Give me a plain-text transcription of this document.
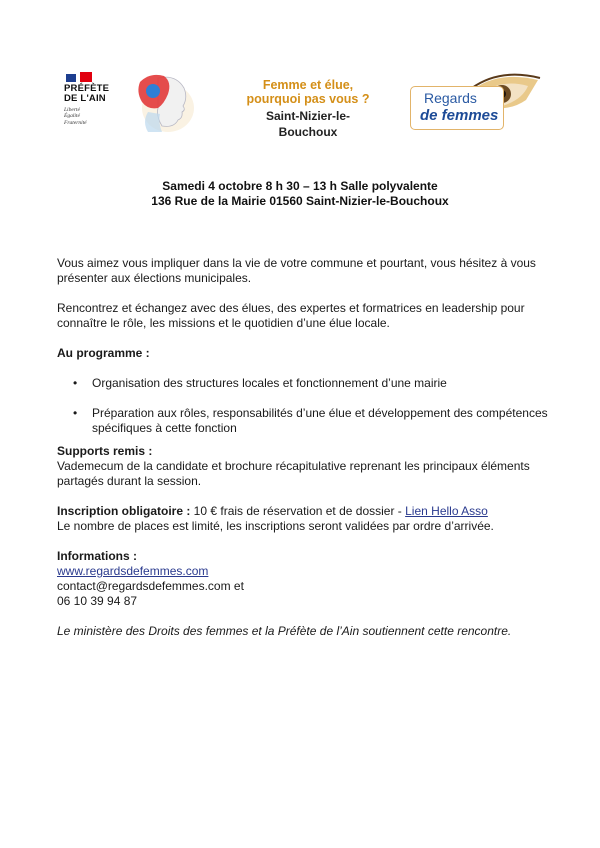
PRÉFÈTE
DE L'AIN
Liberté
Égalité
Fraternité
Femme et élue,
pourquoi pas vous ?
Saint-Nizier-le-Bouchoux
Regards
de femmes
Samedi 4 octobre 8 h 30 – 13 h Salle polyvalente
136 Rue de la Mairie 01560 Saint-Nizier-le-Bouchoux

Vous aimez vous impliquer dans la vie de votre commune et pourtant, vous hésitez à vous présenter aux élections municipales.

Rencontrez et échangez avec des élues, des expertes et formatrices en leadership pour connaître le rôle, les missions et le quotidien d’une élue locale.

Au programme :

• Organisation des structures locales et fonctionnement d’une mairie
• Préparation aux rôles, responsabilités d’une élue et développement des compétences spécifiques à cette fonction

Supports remis :

Vademecum de la candidate et brochure récapitulative reprenant les principaux éléments partagés durant la session.

Inscription obligatoire : 10 € frais de réservation et de dossier - Lien Hello Asso

Le nombre de places est limité, les inscriptions seront validées par ordre d’arrivée.

Informations :

www.regardsdefemmes.com

contact@regardsdefemmes.com et

06 10 39 94 87

Le ministère des Droits des femmes et la Préfète de l’Ain soutiennent cette rencontre.
